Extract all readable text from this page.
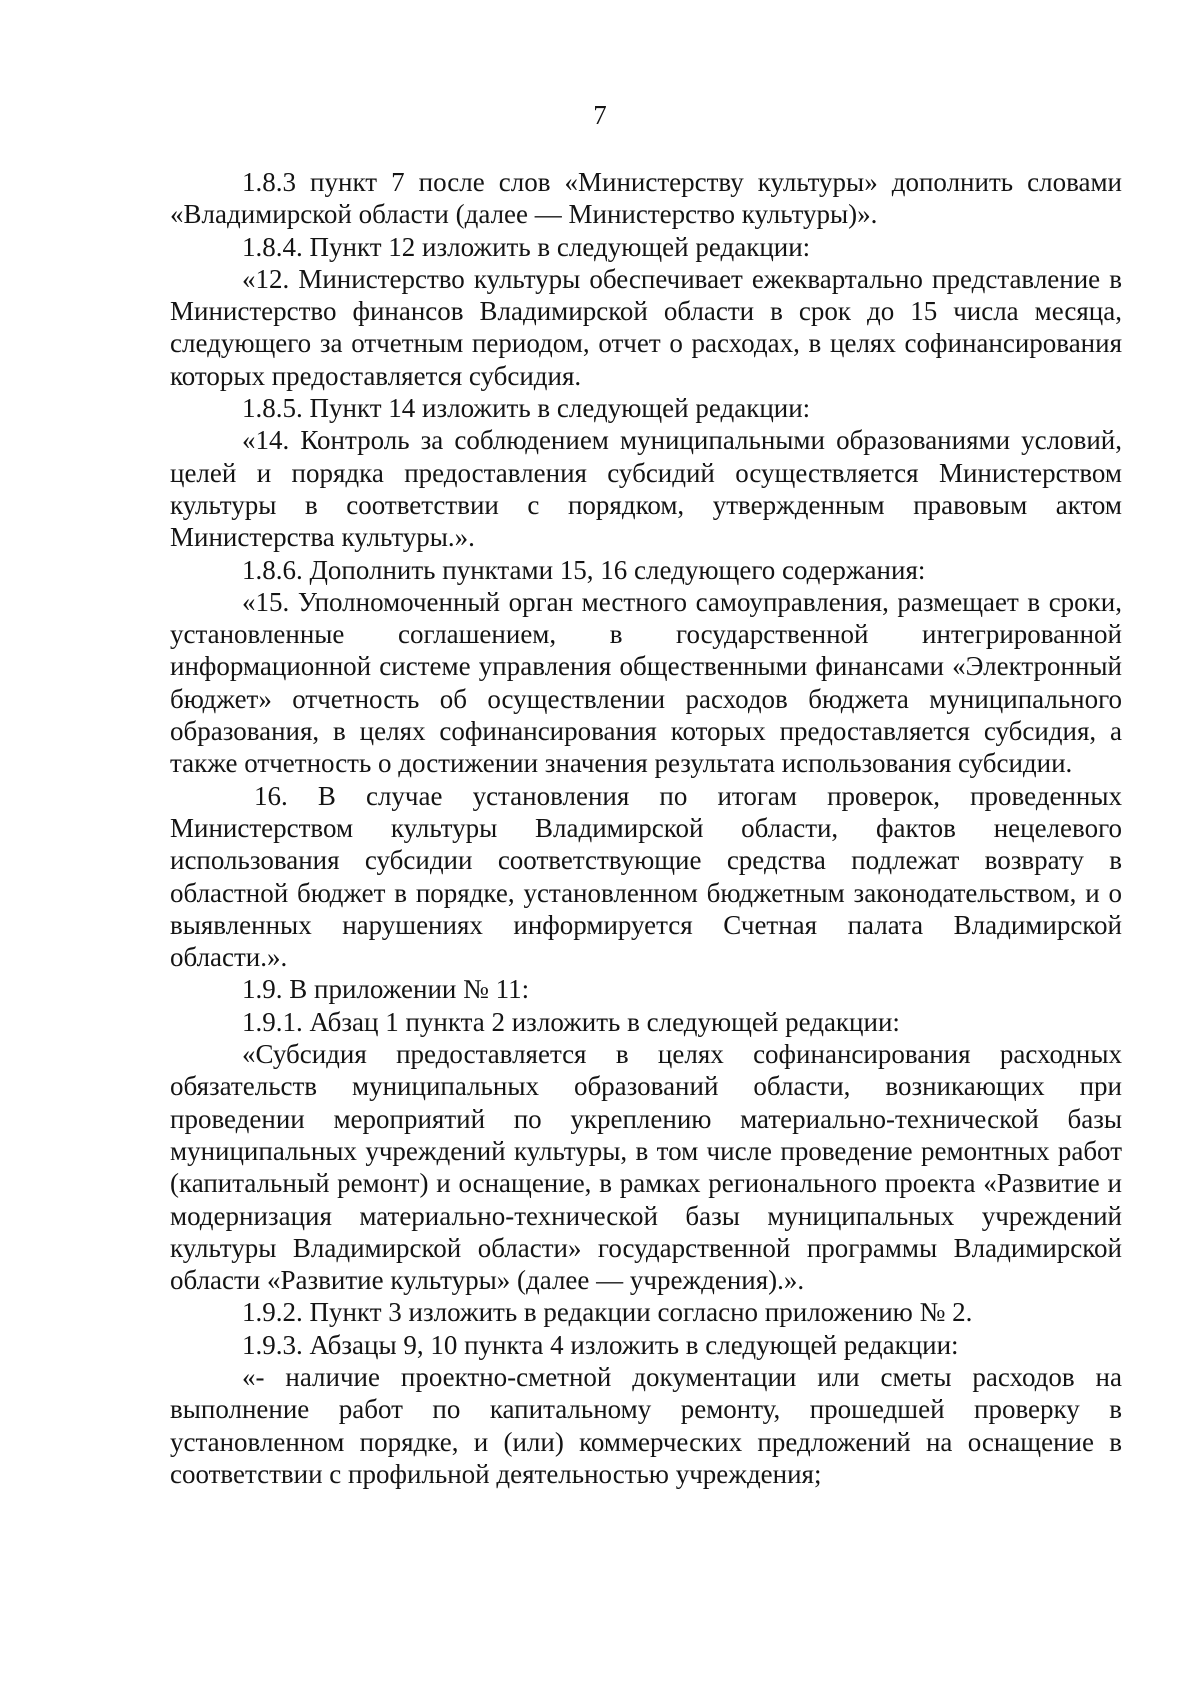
7

1.8.3 пункт 7 после слов «Министерству культуры» дополнить словами «Владимирской области (далее — Министерство культуры)».

1.8.4. Пункт 12 изложить в следующей редакции:

«12. Министерство культуры обеспечивает ежеквартально представление в Министерство финансов Владимирской области в срок до 15 числа месяца, следующего за отчетным периодом, отчет о расходах, в целях софинансирования которых предоставляется субсидия.

1.8.5. Пункт 14 изложить в следующей редакции:

«14. Контроль за соблюдением муниципальными образованиями условий, целей и порядка предоставления субсидий осуществляется Министерством культуры в соответствии с порядком, утвержденным правовым актом Министерства культуры.».

1.8.6. Дополнить пунктами 15, 16 следующего содержания:

«15. Уполномоченный орган местного самоуправления, размещает в сроки, установленные соглашением, в государственной интегрированной информационной системе управления общественными финансами «Электронный бюджет» отчетность об осуществлении расходов бюджета муниципального образования, в целях софинансирования которых предоставляется субсидия, а также отчетность о достижении значения результата использования субсидии.

16. В случае установления по итогам проверок, проведенных Министерством культуры Владимирской области, фактов нецелевого использования субсидии соответствующие средства подлежат возврату в областной бюджет в порядке, установленном бюджетным законодательством, и о выявленных нарушениях информируется Счетная палата Владимирской области.».

1.9. В приложении № 11:

1.9.1. Абзац 1 пункта 2 изложить в следующей редакции:

«Субсидия предоставляется в целях софинансирования расходных обязательств муниципальных образований области, возникающих при проведении мероприятий по укреплению материально-технической базы муниципальных учреждений культуры, в том числе проведение ремонтных работ (капитальный ремонт) и оснащение, в рамках регионального проекта «Развитие и модернизация материально-технической базы муниципальных учреждений культуры Владимирской области» государственной программы Владимирской области «Развитие культуры» (далее — учреждения).».

1.9.2. Пункт 3 изложить в редакции согласно приложению № 2.

1.9.3. Абзацы 9, 10 пункта 4 изложить в следующей редакции:

«- наличие проектно-сметной документации или сметы расходов на выполнение работ по капитальному ремонту, прошедшей проверку в установленном порядке, и (или) коммерческих предложений на оснащение в соответствии с профильной деятельностью учреждения;
